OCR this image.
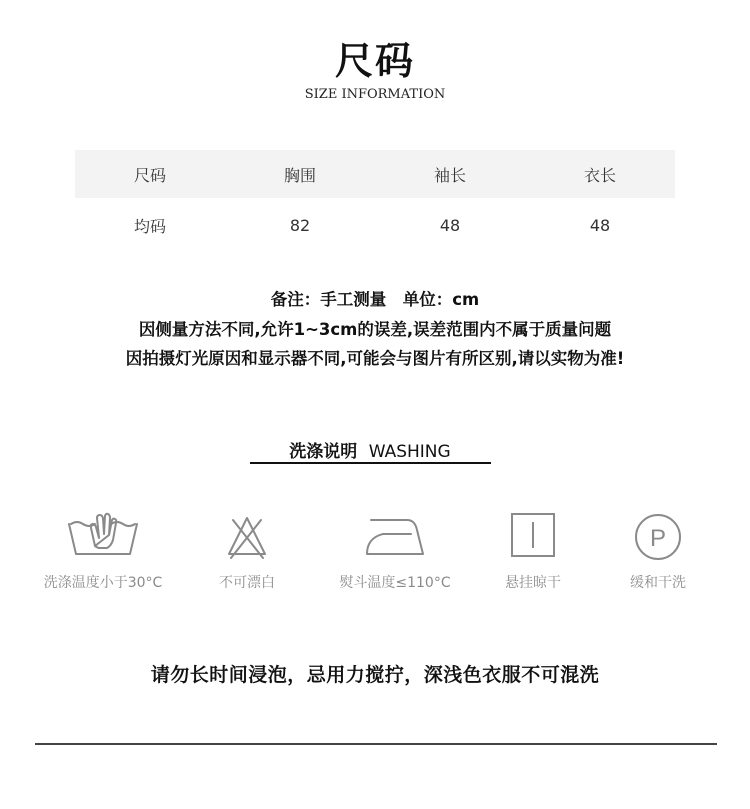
尺码
SIZE INFORMATION
尺码	胸围	袖长	衣长
均码	82	48	48
备注：手工测量　单位：cm
因侧量方法不同,允许1~3cm的误差,误差范围内不属于质量问题
因拍摄灯光原因和显示器不同,可能会与图片有所区别,请以实物为准!
洗涤说明 WASHING
洗涤温度小于30°C	不可漂白	熨斗温度≤110°C	悬挂晾干
P
缓和干洗
请勿长时间浸泡，忌用力搅拧，深浅色衣服不可混洗
